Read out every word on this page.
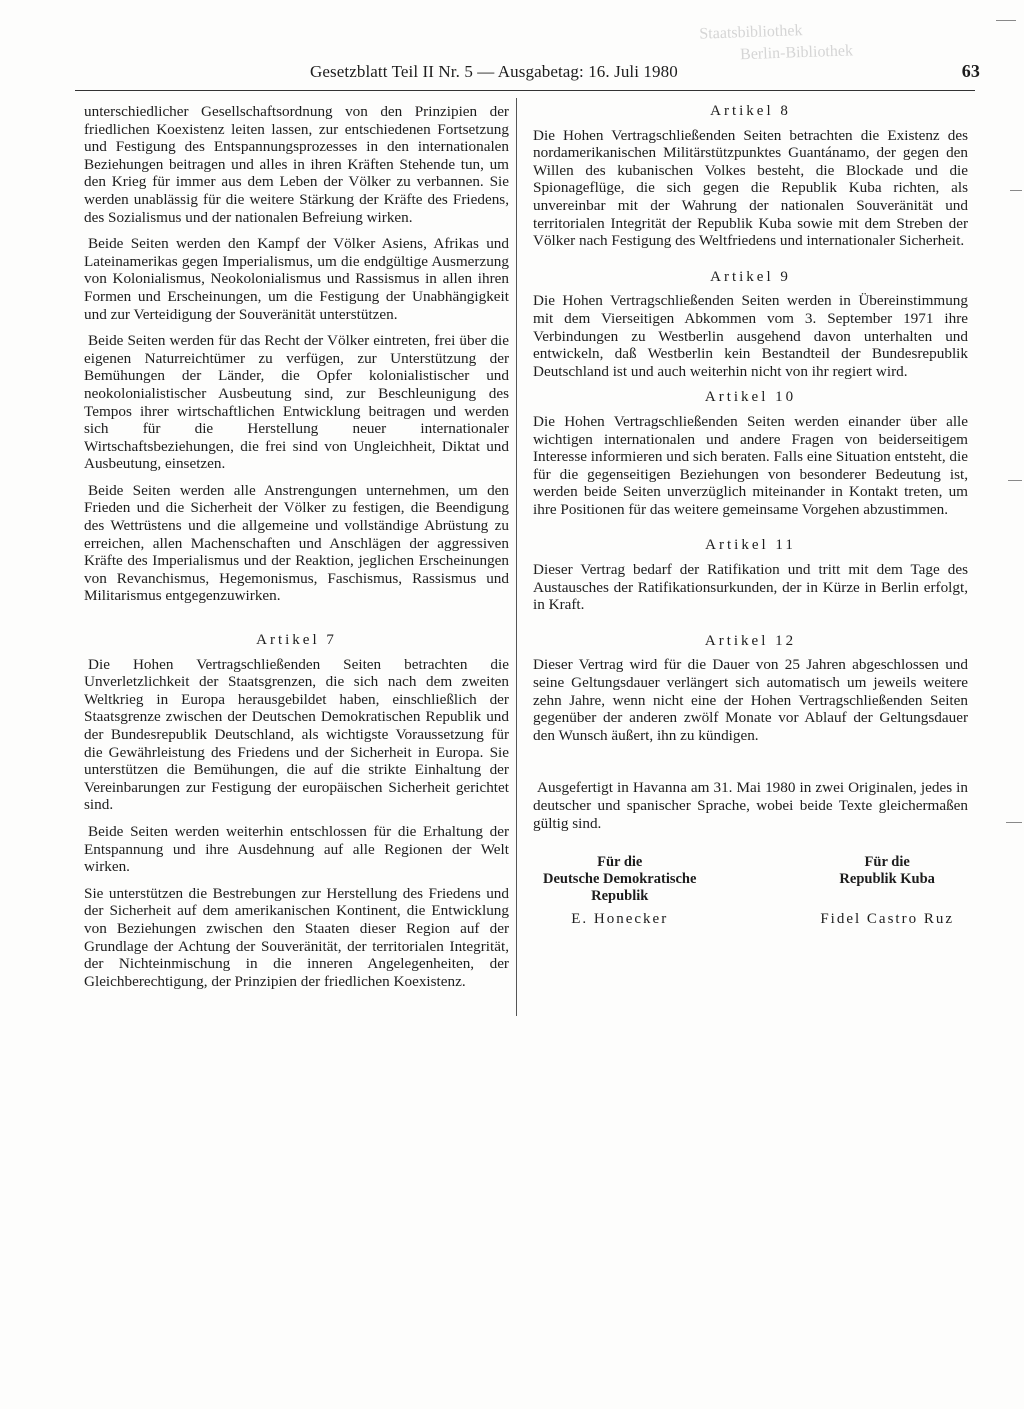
Staatsbibliothek
Berlin-Bibliothek
Gesetzblatt Teil II Nr. 5 — Ausgabetag: 16. Juli 1980	63

unterschiedlicher Gesellschaftsordnung von den Prinzipien der friedlichen Koexistenz leiten lassen, zur entschiedenen Fortsetzung und Festigung des Entspannungsprozesses in den internationalen Beziehungen beitragen und alles in ihren Kräften Stehende tun, um den Krieg für immer aus dem Leben der Völker zu verbannen. Sie werden unablässig für die weitere Stärkung der Kräfte des Friedens, des Sozialismus und der nationalen Befreiung wirken.

Beide Seiten werden den Kampf der Völker Asiens, Afrikas und Lateinamerikas gegen Imperialismus, um die endgültige Ausmerzung von Kolonialismus, Neokolonialismus und Rassismus in allen ihren Formen und Erscheinungen, um die Festigung der Unabhängigkeit und zur Verteidigung der Souveränität unterstützen.

Beide Seiten werden für das Recht der Völker eintreten, frei über die eigenen Naturreichtümer zu verfügen, zur Unterstützung der Bemühungen der Länder, die Opfer kolonialistischer und neokolonialistischer Ausbeutung sind, zur Beschleunigung des Tempos ihrer wirtschaftlichen Entwicklung beitragen und werden sich für die Herstellung neuer internationaler Wirtschaftsbeziehungen, die frei sind von Ungleichheit, Diktat und Ausbeutung, einsetzen.

Beide Seiten werden alle Anstrengungen unternehmen, um den Frieden und die Sicherheit der Völker zu festigen, die Beendigung des Wettrüstens und die allgemeine und vollständige Abrüstung zu erreichen, allen Machenschaften und Anschlägen der aggressiven Kräfte des Imperialismus und der Reaktion, jeglichen Erscheinungen von Revanchismus, Hegemonismus, Faschismus, Rassismus und Militarismus entgegenzuwirken.

Artikel 7

Die Hohen Vertragschließenden Seiten betrachten die Unverletzlichkeit der Staatsgrenzen, die sich nach dem zweiten Weltkrieg in Europa herausgebildet haben, einschließlich der Staatsgrenze zwischen der Deutschen Demokratischen Republik und der Bundesrepublik Deutschland, als wichtigste Voraussetzung für die Gewährleistung des Friedens und der Sicherheit in Europa. Sie unterstützen die Bemühungen, die auf die strikte Einhaltung der Vereinbarungen zur Festigung der europäischen Sicherheit gerichtet sind.

Beide Seiten werden weiterhin entschlossen für die Erhaltung der Entspannung und ihre Ausdehnung auf alle Regionen der Welt wirken.

Sie unterstützen die Bestrebungen zur Herstellung des Friedens und der Sicherheit auf dem amerikanischen Kontinent, die Entwicklung von Beziehungen zwischen den Staaten dieser Region auf der Grundlage der Achtung der Souveränität, der territorialen Integrität, der Nichteinmischung in die inneren Angelegenheiten, der Gleichberechtigung, der Prinzipien der friedlichen Koexistenz.

Artikel 8

Die Hohen Vertragschließenden Seiten betrachten die Existenz des nordamerikanischen Militärstützpunktes Guantánamo, der gegen den Willen des kubanischen Volkes besteht, die Blockade und die Spionageflüge, die sich gegen die Republik Kuba richten, als unvereinbar mit der Wahrung der nationalen Souveränität und territorialen Integrität der Republik Kuba sowie mit dem Streben der Völker nach Festigung des Weltfriedens und internationaler Sicherheit.

Artikel 9

Die Hohen Vertragschließenden Seiten werden in Übereinstimmung mit dem Vierseitigen Abkommen vom 3. September 1971 ihre Verbindungen zu Westberlin ausgehend davon unterhalten und entwickeln, daß Westberlin kein Bestandteil der Bundesrepublik Deutschland ist und auch weiterhin nicht von ihr regiert wird.

Artikel 10

Die Hohen Vertragschließenden Seiten werden einander über alle wichtigen internationalen und andere Fragen von beiderseitigem Interesse informieren und sich beraten. Falls eine Situation entsteht, die für die gegenseitigen Beziehungen von besonderer Bedeutung ist, werden beide Seiten unverzüglich miteinander in Kontakt treten, um ihre Positionen für das weitere gemeinsame Vorgehen abzustimmen.

Artikel 11

Dieser Vertrag bedarf der Ratifikation und tritt mit dem Tage des Austausches der Ratifikationsurkunden, der in Kürze in Berlin erfolgt, in Kraft.

Artikel 12

Dieser Vertrag wird für die Dauer von 25 Jahren abgeschlossen und seine Geltungsdauer verlängert sich automatisch um jeweils weitere zehn Jahre, wenn nicht eine der Hohen Vertragschließenden Seiten gegenüber der anderen zwölf Monate vor Ablauf der Geltungsdauer den Wunsch äußert, ihn zu kündigen.

Ausgefertigt in Havanna am 31. Mai 1980 in zwei Originalen, jedes in deutscher und spanischer Sprache, wobei beide Texte gleichermaßen gültig sind.

Für die
Deutsche Demokratische
Republik
E. Honecker
Für die
Republik Kuba
Fidel Castro Ruz
